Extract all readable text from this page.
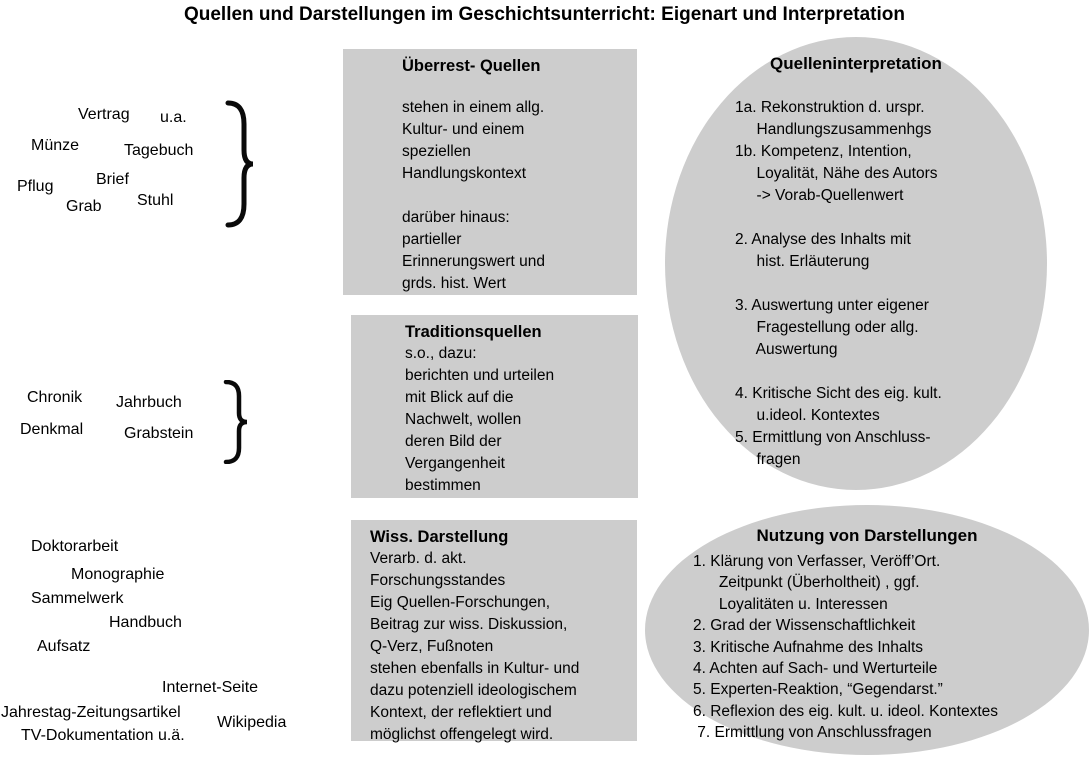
Quellen und Darstellungen im Geschichtsunterricht: Eigenart und Interpretation
Vertrag u.a.
Münze	Tagebuch
Pflug	Brief
Grab Stuhl
Chronik Jahrbuch
Denkmal	Grabstein
Doktorarbeit
Monographie
Sammelwerk
Handbuch
Aufsatz
Internet-Seite
Jahrestag-Zeitungsartikel
Wikipedia
TV-Dokumentation u.ä.
Überrest- Quellen
stehen in einem allg.
Kultur- und einem
speziellen
Handlungskontext

darüber hinaus:
partieller
Erinnerungswert und
grds. hist. Wert
Traditionsquellen
s.o., dazu:
berichten und urteilen
mit Blick auf die
Nachwelt, wollen
deren Bild der
Vergangenheit
bestimmen
Wiss. Darstellung
Verarb. d. akt.
Forschungsstandes
Eig Quellen-Forschungen,
Beitrag zur wiss. Diskussion,
Q-Verz, Fußnoten
stehen ebenfalls in Kultur- und
dazu potenziell ideologischem
Kontext, der reflektiert und
möglichst offengelegt wird.
Quelleninterpretation
1a. Rekonstruktion d. urspr.
Handlungszusammenhgs
1b. Kompetenz, Intention,
Loyalität, Nähe des Autors
-> Vorab-Quellenwert

2. Analyse des Inhalts mit
hist. Erläuterung

3. Auswertung unter eigener
Fragestellung oder allg.
Auswertung

4. Kritische Sicht des eig. kult.
u.ideol. Kontextes
5. Ermittlung von Anschluss-
fragen
Nutzung von Darstellungen
1. Klärung von Verfasser, Veröff’Ort.
Zeitpunkt (Überholtheit) , ggf.
Loyalitäten u. Interessen
2. Grad der Wissenschaftlichkeit
3. Kritische Aufnahme des Inhalts
4. Achten auf Sach- und Werturteile
5. Experten-Reaktion, “Gegendarst.”
6. Reflexion des eig. kult. u. ideol. Kontextes
7. Ermittlung von Anschlussfragen
